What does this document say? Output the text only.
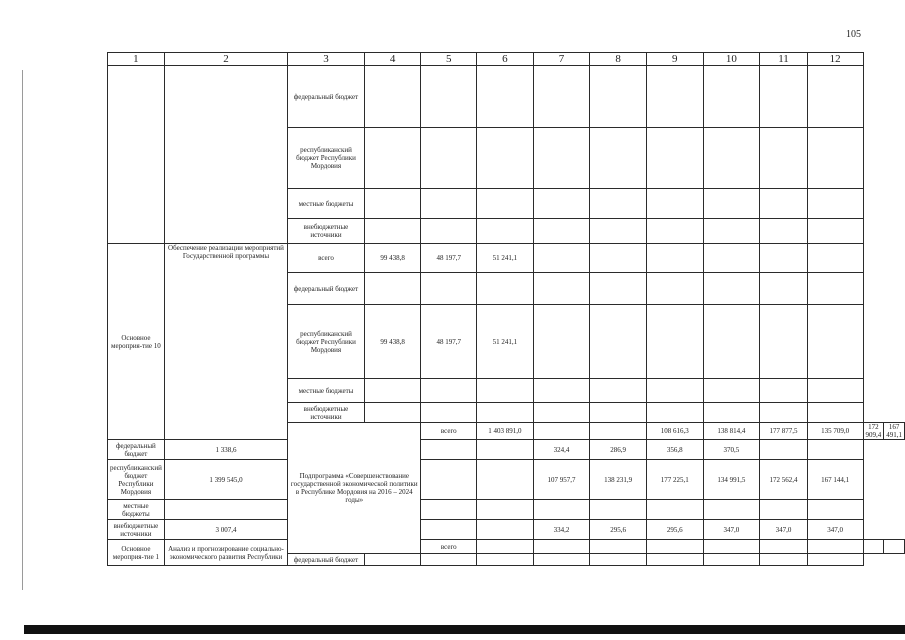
105
1	2	3	4	5	6	7	8	9	10	11	12		
		федеральный бюджет											
		республиканский бюджет Республики Мордовия											
		местные бюджеты											
		внебюджетные источники											
Основное мероприя-тие 10	Обеспечение реализации мероприятий Государственной программы	всего	99 438,8	48 197,7	51 241,1								
		федеральный бюджет											
		республиканский бюджет Республики Мордовия	99 438,8	48 197,7	51 241,1								
		местные бюджеты											
		внебюджетные источники											
		Подпрограмма «Совершенствование государственной экономической политики в Республике Мордовия на 2016 – 2024 годы»		всего	1 403 891,0			108 616,3	138 814,4	177 877,5	135 709,0	172 909,4	167 491,1
федеральный бюджет	1 338,6					324,4	286,9	356,8	370,5				
республиканский бюджет Республики Мордовия	1 399 545,0					107 957,7	138 231,9	177 225,1	134 991,5	172 562,4	167 144,1		
местные бюджеты													
внебюджетные источники	3 007,4					334,2	295,6	295,6	347,0	347,0	347,0		
Основное мероприя-тие 1	Анализ и прогнозирование социально-экономического развития Республики			всего									
		федеральный бюджет											
